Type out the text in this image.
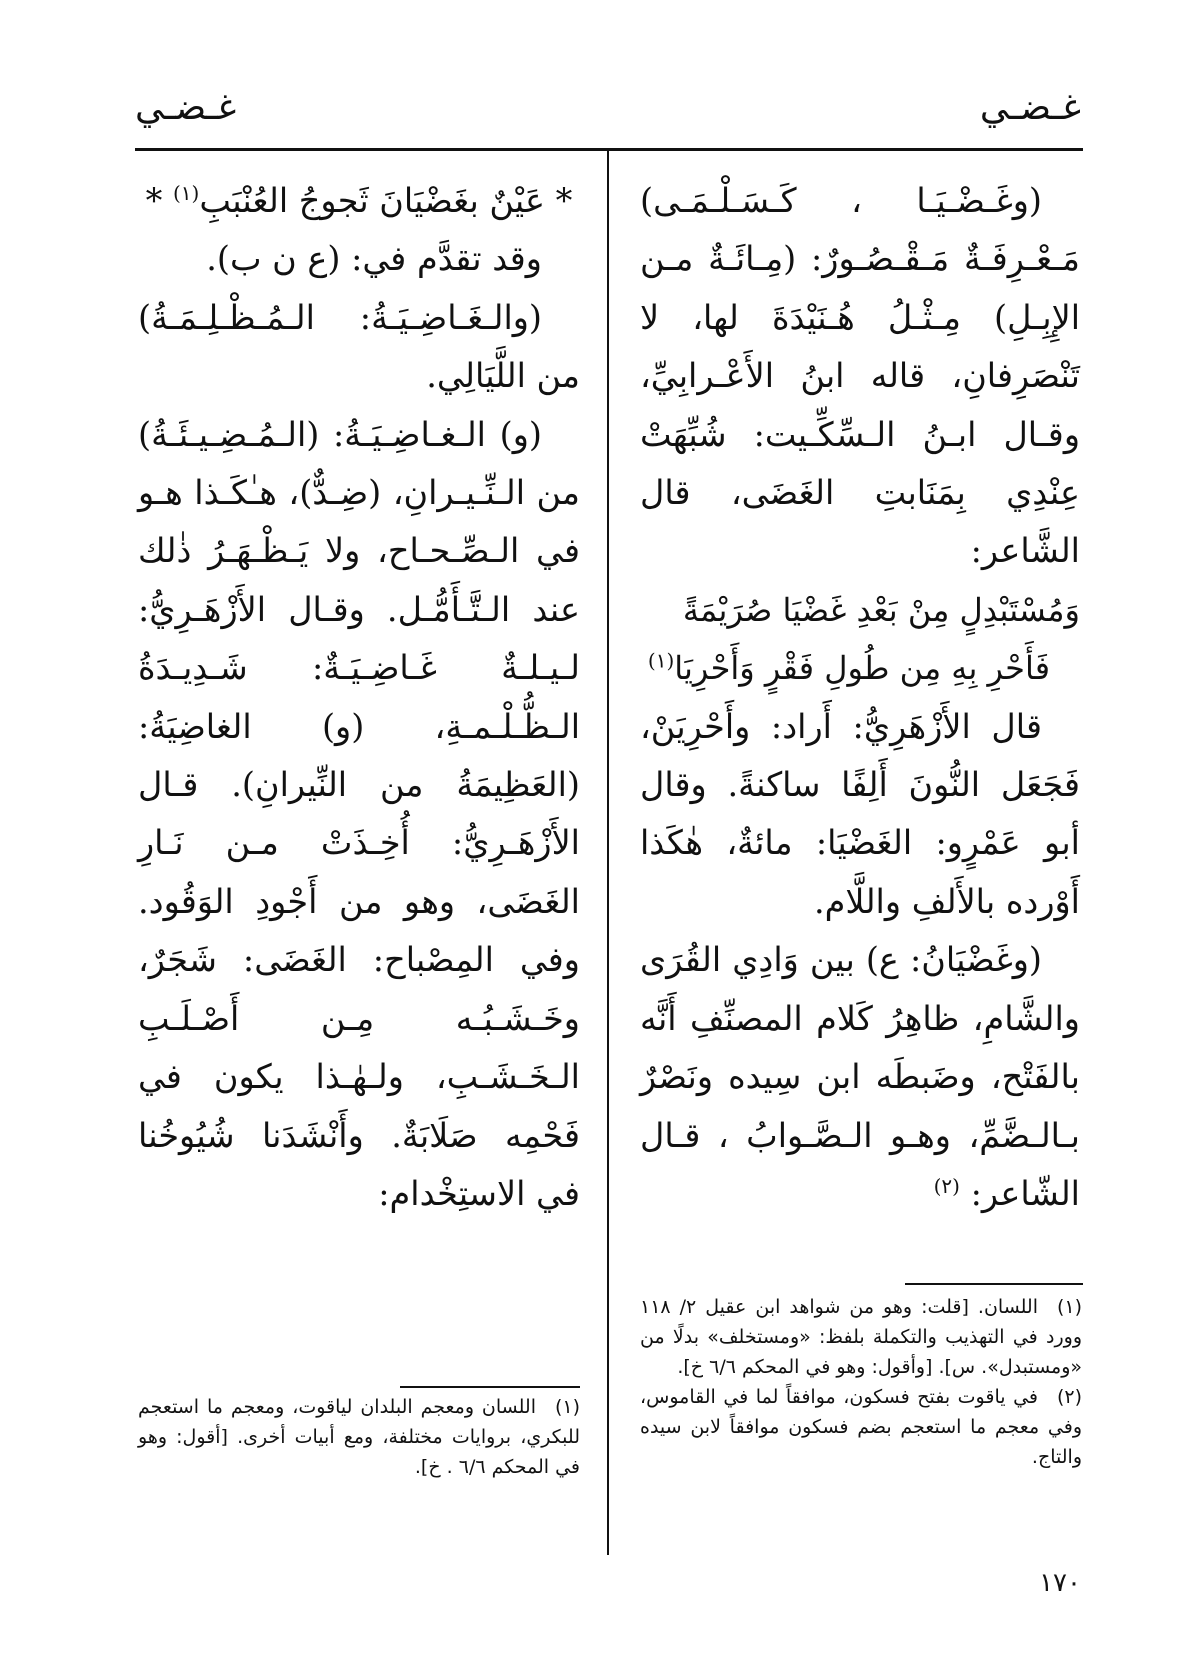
غـضـي
غـضـي

(وغَـضْـيَـا ، كَـسَـلْـمَـى) مَـعْـرِفَـةٌ مَـقْـصُـورٌ: (مِـائَـةٌ مـن الإِبِـلِ) مِـثْـلُ هُـنَيْدَةَ لها، لا تَنْصَرِفانِ، قاله ابنُ الأَعْـرابِيِّ، وقـال ابـنُ الـسِّكِّـيت: شُبِّهَتْ عِنْدِي بِمَنَابتِ الغَضَى، قال الشَّاعر:

وَمُسْتَبْدِلٍ مِنْ بَعْدِ غَضْيَا صُرَيْمَةً
فَأَحْرِ بِهِ مِن طُولِ فَقْرٍ وَأَحْرِيَا$^{(١)}$

قال الأَزْهَرِيُّ: أَراد: وأَحْرِيَنْ، فَجَعَل النُّونَ أَلِفًا ساكنةً. وقال أبو عَمْرٍو: الغَضْيَا: مائةٌ، هٰكَذا أَوْرده بالأَلفِ واللَّام.

(وغَضْيَانُ: ع) بين وَادِي القُرَى والشَّامِ، ظاهِرُ كَلام المصنِّفِ أَنَّه بالفَتْح، وضَبطَه ابن سِيده ونَصْرٌ بـالـضَّمِّ، وهـو الـصَّـوابُ ، قـال الشّاعر: $^{(٢)}$

* عَيْنٌ بغَضْيَانَ ثَجوجُ العُنْبَبِ$^{(١)}$ *

وقد تقدَّم في: (ع ن ب).

(والـغَـاضِـيَـةُ: الـمُـظْـلِـمَـةُ) من اللَّيَالِي.

(و) الـغـاضِـيَـةُ: (الـمُـضِـيـئَـةُ) من الـنِّـيـرانِ، (ضِـدٌّ)، هـٰكَـذا هـو في الـصِّـحـاح، ولا يَـظْـهَـرُ ذٰلك عند الـتَّـأَمُّـل. وقـال الأَزْهَـرِيُّ: لـيـلـةٌ غَـاضِـيَـةٌ: شَـدِيـدَةُ الـظُّـلْـمـةِ، (و) الغاضِيَةُ: (العَظِيمَةُ من النِّيرانِ). قـال الأَزْهَـرِيُّ: أُخِـذَتْ مـن نَـارِ الغَضَى، وهو من أَجْودِ الوَقُود. وفي المِصْباح: الغَضَى: شَجَرٌ، وخَـشَـبُـه مِـن أَصْـلَـبِ الـخَـشَـبِ، ولـهٰـذا يكون في فَحْمِه صَلَابَةٌ. وأَنْشَدَنا شُيُوخُنا في الاستِخْدام:

(١)اللسان. [قلت: وهو من شواهد ابن عقيل ٢/ ١١٨ وورد في التهذيب والتكملة بلفظ: «ومستخلف» بدلًا من «ومستبدل». س]. [وأقول: وهو في المحكم ٦/٦ خ].

(٢)في ياقوت بفتح فسكون، موافقاً لما في القاموس، وفي معجم ما استعجم بضم فسكون موافقاً لابن سيده والتاج.

(١)اللسان ومعجم البلدان لياقوت، ومعجم ما استعجم للبكري، بروايات مختلفة، ومع أبيات أخرى. [أقول: وهو في المحكم ٦/٦ . خ].

١٧٠
